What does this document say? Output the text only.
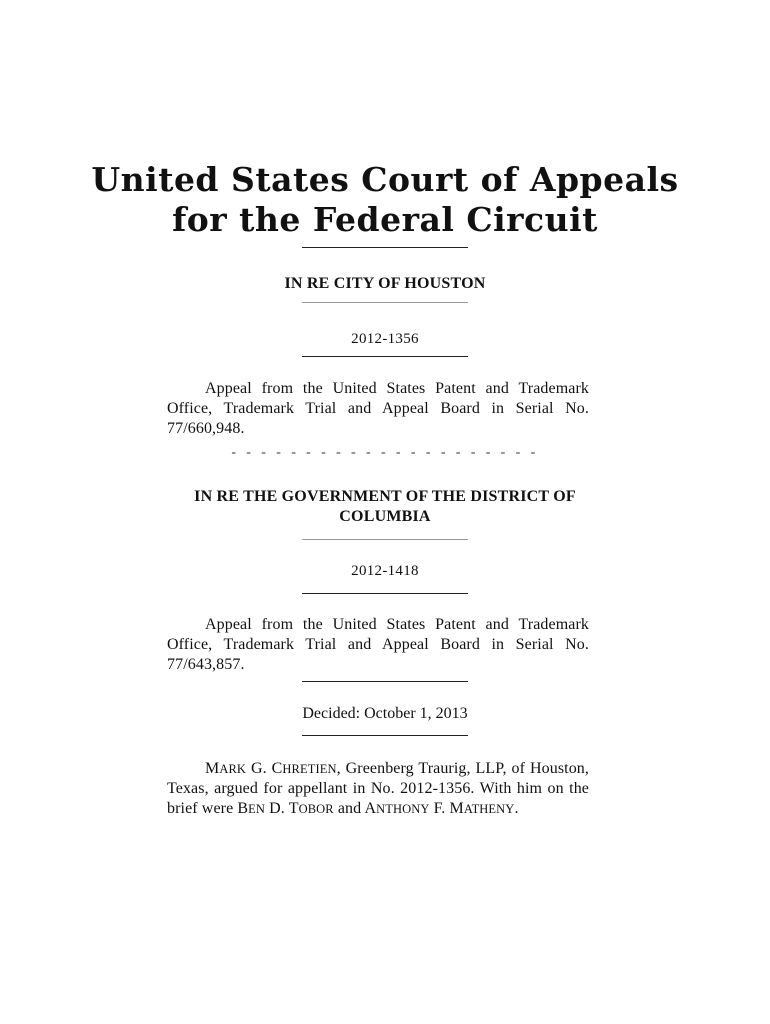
United States Court of Appeals
for the Federal Circuit
IN RE CITY OF HOUSTON
2012-1356
Appeal from the United States Patent and Trademark Office, Trademark Trial and Appeal Board in Serial No. 77/660,948.
- - - - - - - - - - - - - - - - - - - - -
IN RE THE GOVERNMENT OF THE DISTRICT OF
COLUMBIA
2012-1418
Appeal from the United States Patent and Trademark Office, Trademark Trial and Appeal Board in Serial No. 77/643,857.
Decided: October 1, 2013
MARK G. CHRETIEN, Greenberg Traurig, LLP, of Houston, Texas, argued for appellant in No. 2012-1356. With him on the brief were BEN D. TOBOR and ANTHONY F. MATHENY.
